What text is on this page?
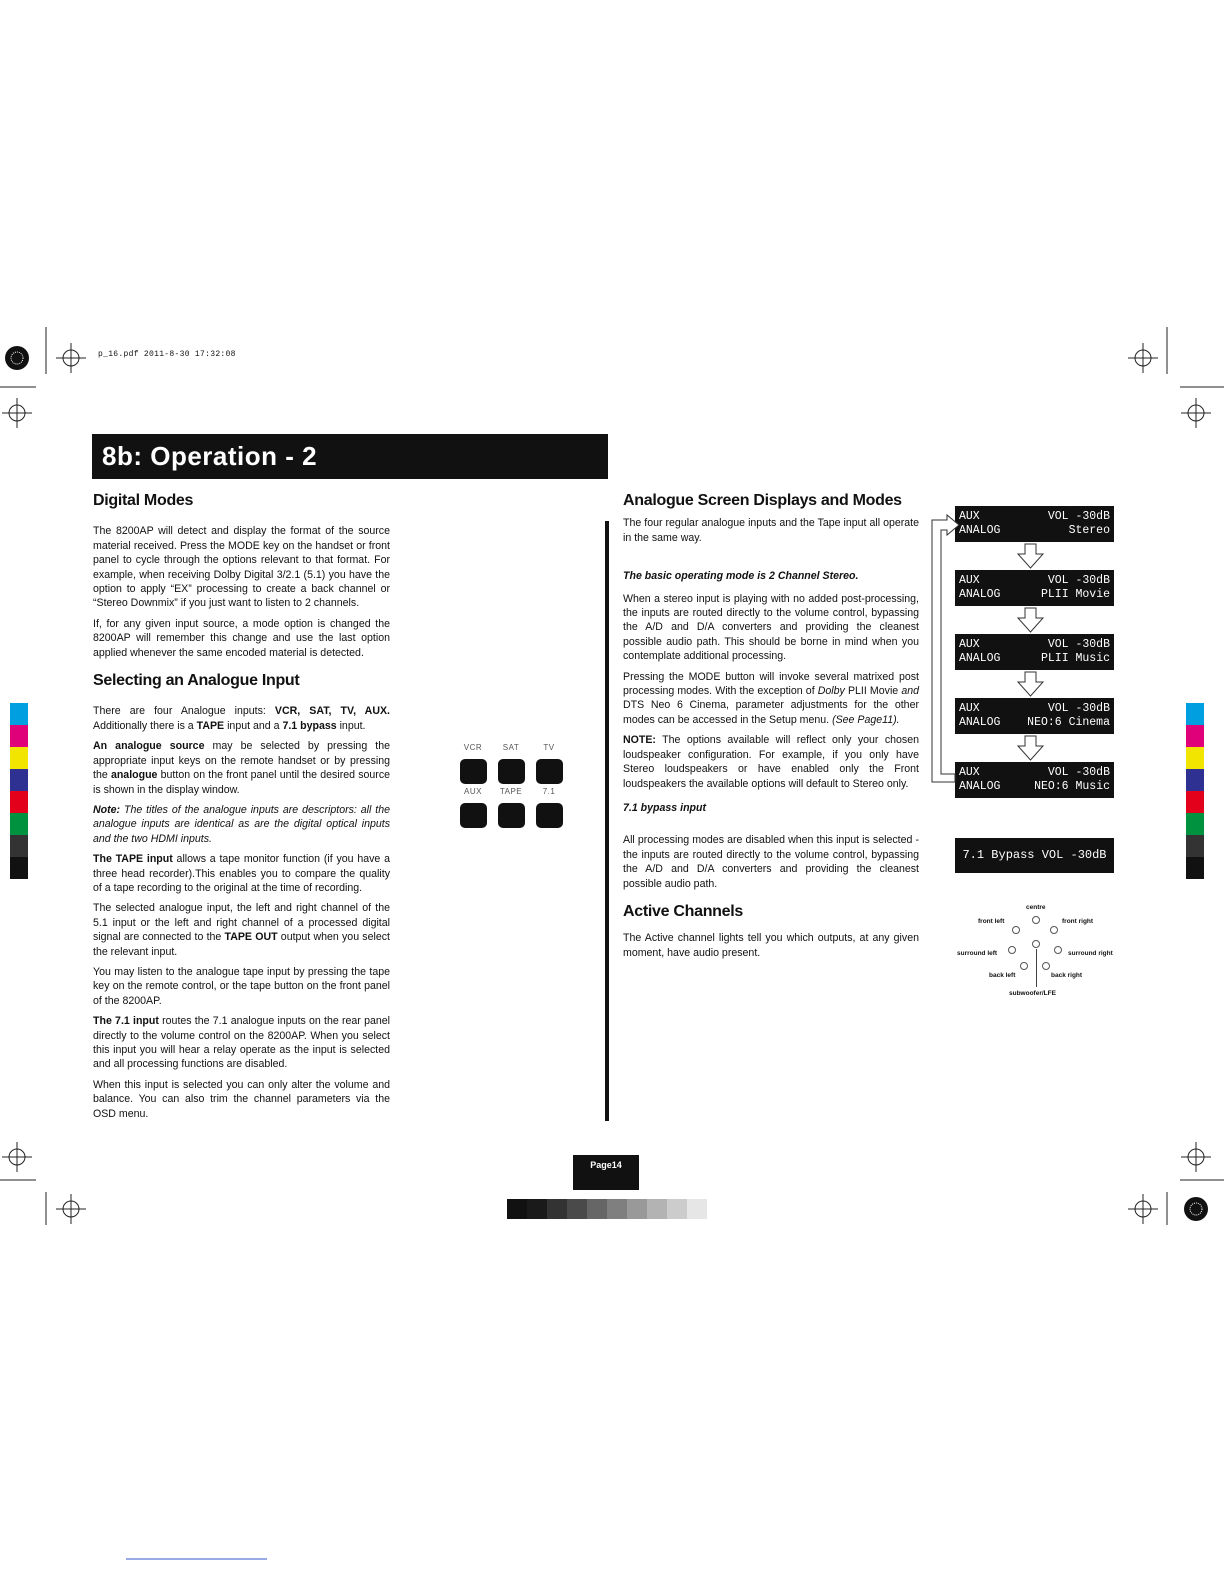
p_16.pdf 2011-8-30 17:32:08
8b: Operation - 2
Digital Modes

The 8200AP will detect and display the format of the source material received. Press the MODE key on the handset or front panel to cycle through the options relevant to that format. For example, when receiving Dolby Digital 3/2.1 (5.1) you have the option to apply “EX” processing to create a back channel or “Stereo Downmix” if you just want to listen to 2 channels.

If, for any given input source, a mode option is changed the 8200AP will remember this change and use the last option applied whenever the same encoded material is detected.

Selecting an Analogue Input

There are four Analogue inputs: VCR, SAT, TV, AUX. Additionally there is a TAPE input and a 7.1 bypass input.

An analogue source may be selected by pressing the appropriate input keys on the remote handset or by pressing the analogue button on the front panel until the desired source is shown in the display window.

Note: The titles of the analogue inputs are descriptors: all the analogue inputs are identical as are the digital optical inputs and the two HDMI inputs.

The TAPE input allows a tape monitor function (if you have a three head recorder).This enables you to compare the quality of a tape recording to the original at the time of recording.

The selected analogue input, the left and right channel of the 5.1 input or the left and right channel of a processed digital signal are connected to the TAPE OUT output when you select the relevant input.

You may listen to the analogue tape input by pressing the tape key on the remote control, or the tape button on the front panel of the 8200AP.

The 7.1 input routes the 7.1 analogue inputs on the rear panel directly to the volume control on the 8200AP. When you select this input you will hear a relay operate as the input is selected and all processing functions are disabled.

When this input is selected you can only alter the volume and balance. You can also trim the channel parameters via the OSD menu.

VCR	SAT	TV
AUX	TAPE	7.1
Analogue Screen Displays and Modes

The four regular analogue inputs and the Tape input all operate in the same way.

The basic operating mode is 2 Channel Stereo.

When a stereo input is playing with no added post-processing, the inputs are routed directly to the volume control, bypassing the A/D and D/A converters and providing the cleanest possible audio path. This should be borne in mind when you contemplate additional processing.

Pressing the MODE button will invoke several matrixed post processing modes. With the exception of Dolby PLII Movie and DTS Neo 6 Cinema, parameter adjustments for the other modes can be accessed in the Setup menu. (See Page11).

NOTE: The options available will reflect only your chosen loudspeaker configuration. For example, if you only have Stereo loudspeakers or have enabled only the Front loudspeakers the available options will default to Stereo only.

7.1 bypass input

All processing modes are disabled when this input is selected - the inputs are routed directly to the volume control, bypassing the A/D and D/A converters and providing the cleanest possible audio path.

Active Channels

The Active channel lights tell you which outputs, at any given moment, have audio present.

AUX	VOL -30dB
ANALOG	Stereo
AUX	VOL -30dB
ANALOG	PLII Movie
AUX	VOL -30dB
ANALOG	PLII Music
AUX	VOL -30dB
ANALOG NEO:6 Cinema
AUX	VOL -30dB
ANALOG	NEO:6 Music
7.1 Bypass VOL -30dB
centre
front left	front right
surround left	surround right
back left	back right
subwoofer/LFE
Page14
